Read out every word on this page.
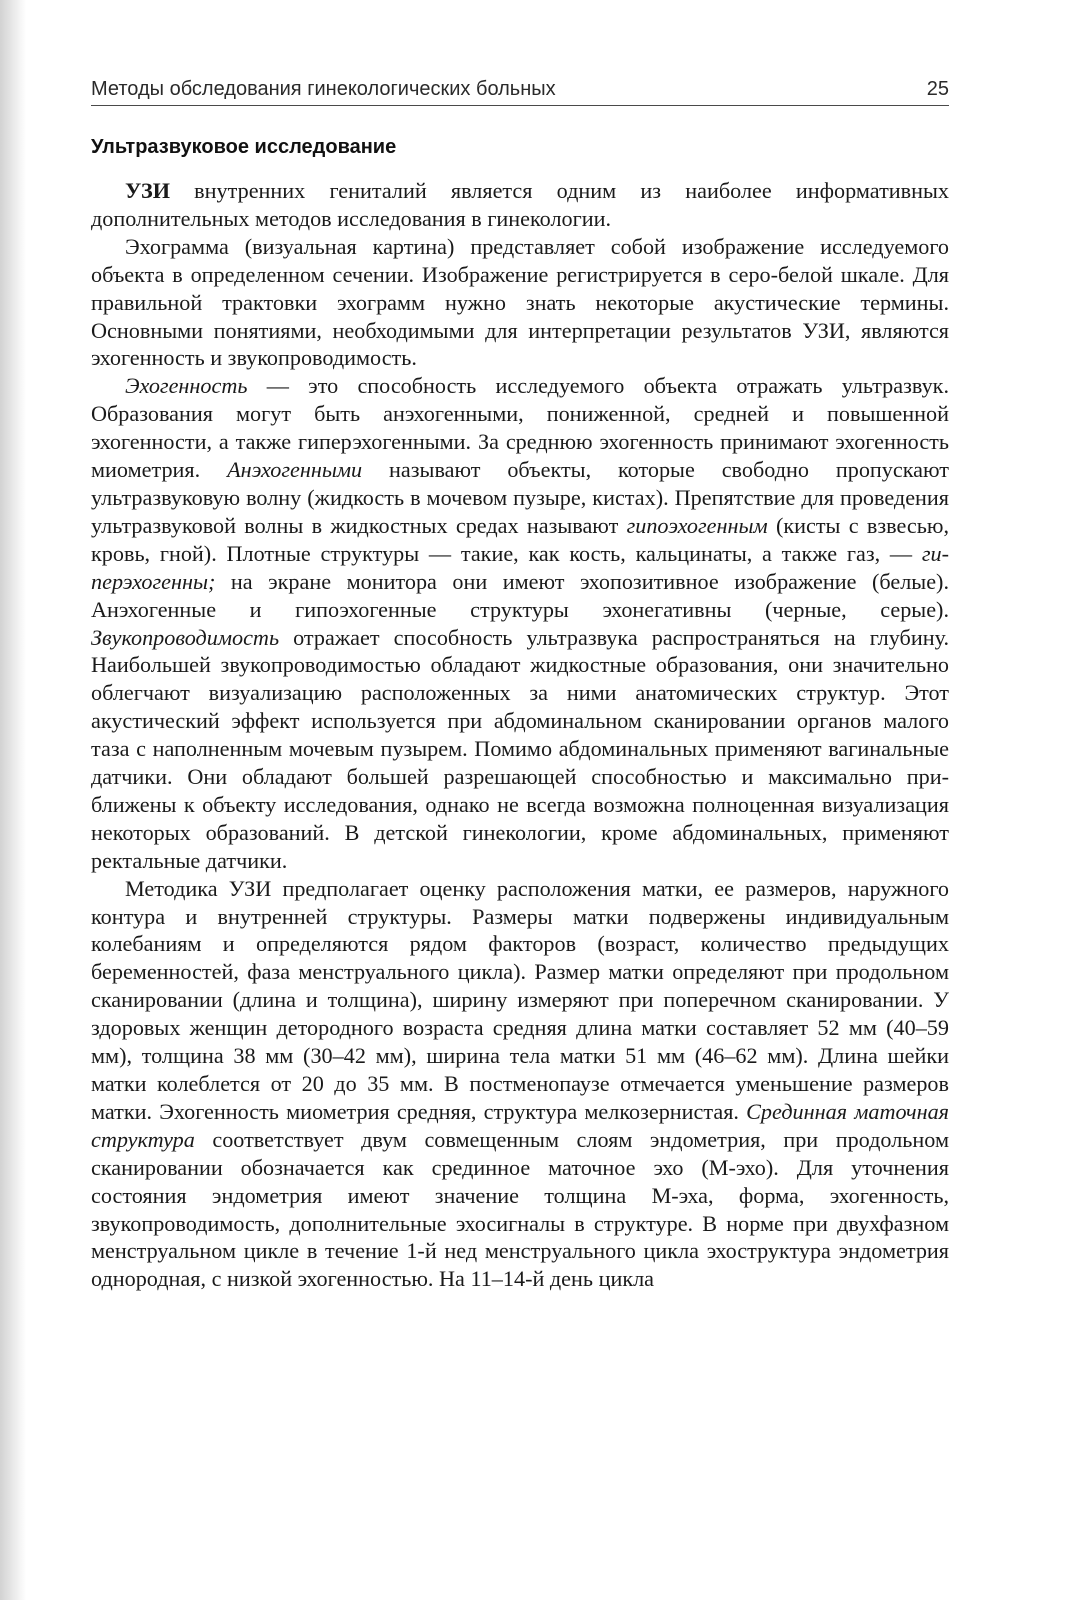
Методы обследования гинекологических больных	25
Ультразвуковое исследование

УЗИ внутренних гениталий является одним из наиболее информативных дополнительных методов исследования в гинекологии.

Эхограмма (визуальная картина) представляет собой изображение исследуемого объекта в определенном сечении. Изображение регистрируется в серо-белой шкале. Для правильной трактовки эхограмм нужно знать некоторые акустические термины. Основными понятиями, необходимыми для интерпретации результатов УЗИ, являются эхогенность и звукопроводимость.

Эхогенность — это способность исследуемого объекта отражать ультразвук. Образования могут быть анэхогенными, пониженной, средней и повышенной эхогенности, а также гиперэхогенными. За среднюю эхогенность принимают эхогенность миометрия. Анэхогенными называют объекты, которые свободно пропускают ультразвуковую волну (жидкость в мочевом пузыре, кистах). Препятствие для проведения ультразвуковой волны в жидкостных средах называют гипоэхогенным (кисты с взвесью, кровь, гной). Плотные структуры — такие, как кость, кальцинаты, а также газ, — гиперэхогенны; на экране монитора они имеют эхопозитивное изображение (белые). Анэхогенные и гипоэхогенные структуры эхонегативны (черные, серые). Звукопроводимость отражает способность ультразвука распространяться на глубину. Наибольшей звукопроводимостью обладают жидкостные образования, они значительно облегчают визуализацию расположенных за ними анатомических структур. Этот акустический эффект используется при абдоминальном сканировании органов малого таза с наполненным мочевым пузырем. Помимо абдоминальных применяют вагинальные датчики. Они обладают большей разрешающей способностью и максимально приближены к объекту исследования, однако не всегда возможна полноценная визуализация некоторых образований. В детской гинекологии, кроме абдоминальных, применяют ректальные датчики.

Методика УЗИ предполагает оценку расположения матки, ее размеров, наружного контура и внутренней структуры. Размеры матки подвержены индивидуальным колебаниям и определяются рядом факторов (возраст, количество предыдущих беременностей, фаза менструального цикла). Размер матки определяют при продольном сканировании (длина и толщина), ширину измеряют при поперечном сканировании. У здоровых женщин детородного возраста средняя длина матки составляет 52 мм (40–59 мм), толщина 38 мм (30–42 мм), ширина тела матки 51 мм (46–62 мм). Длина шейки матки колеблется от 20 до 35 мм. В постменопаузе отмечается уменьшение размеров матки. Эхогенность миометрия средняя, структура мелкозернистая. Срединная маточная структура соответствует двум совмещенным слоям эндометрия, при продольном сканировании обозначается как срединное маточное эхо (М-эхо). Для уточнения состояния эндометрия имеют значение толщина М-эха, форма, эхогенность, звукопроводимость, дополнительные эхосигналы в структуре. В норме при двухфазном менструальном цикле в течение 1-й нед менструального цикла эхоструктура эндометрия однородная, с низкой эхогенностью. На 11–14-й день цикла
